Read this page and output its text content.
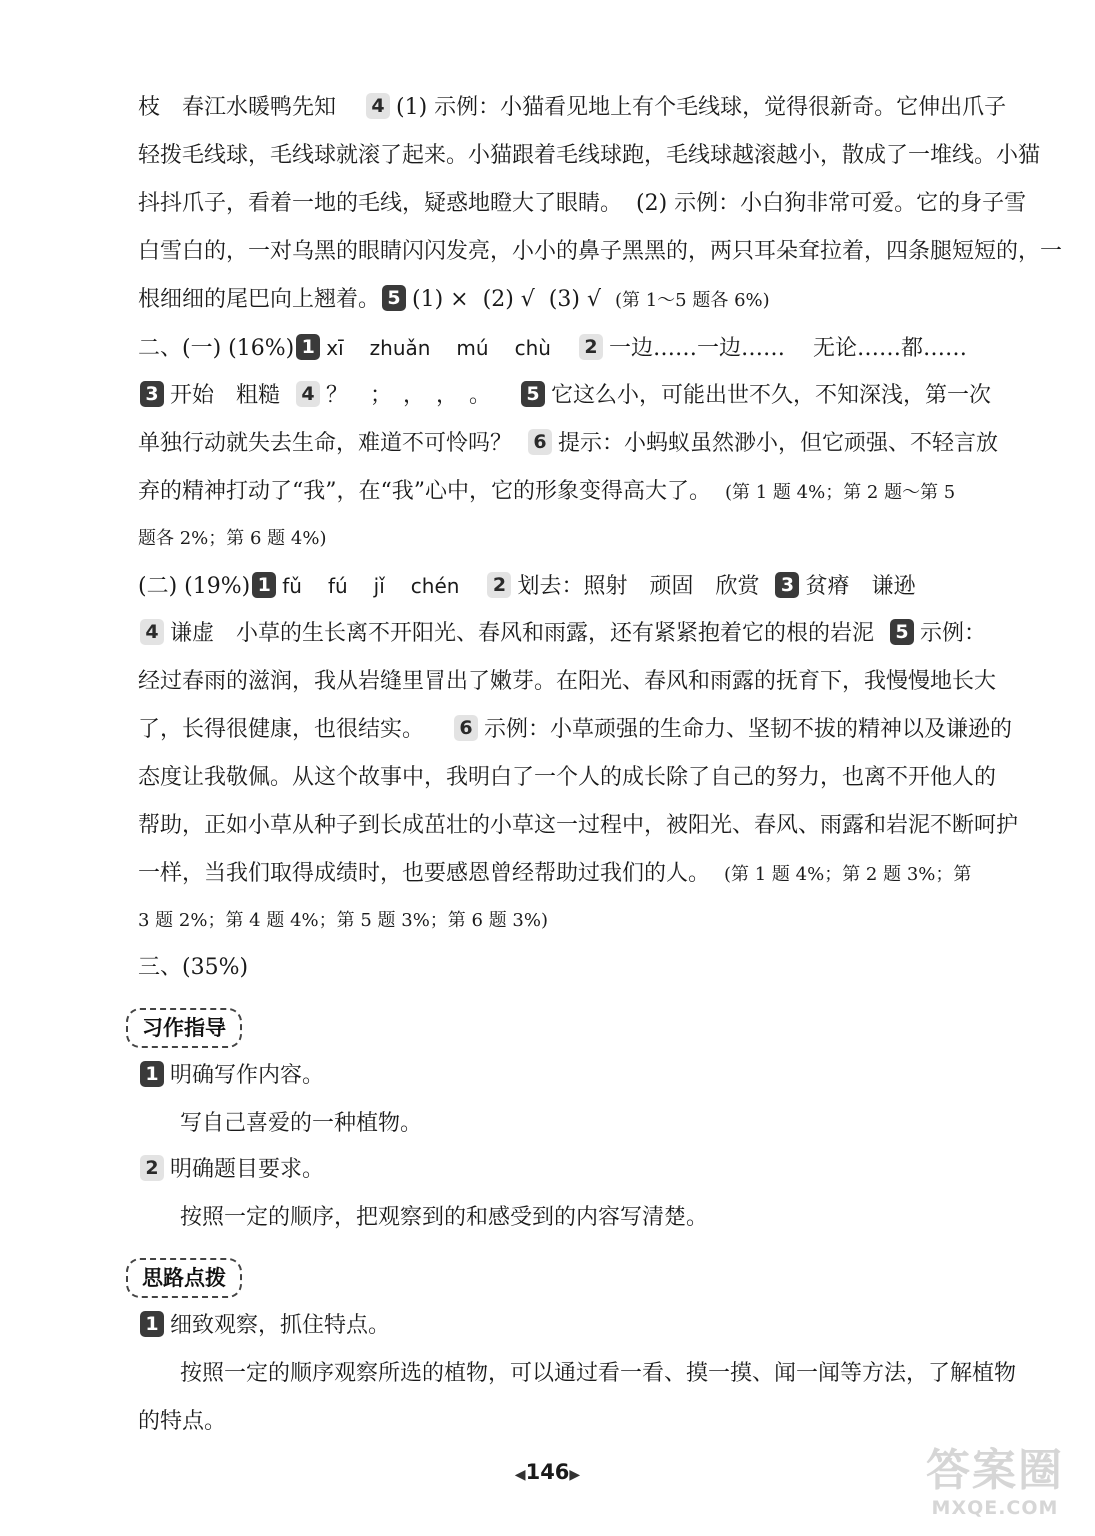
枝　春江水暖鸭先知 4 (1) 示例：小猫看见地上有个毛线球，觉得很新奇。它伸出爪子
轻拨毛线球，毛线球就滚了起来。小猫跟着毛线球跑，毛线球越滚越小，散成了一堆线。小猫
抖抖爪子，看着一地的毛线，疑惑地瞪大了眼睛。 (2) 示例：小白狗非常可爱。它的身子雪
白雪白的，一对乌黑的眼睛闪闪发亮，小小的鼻子黑黑的，两只耳朵耷拉着，四条腿短短的，一
根细细的尾巴向上翘着。 5 (1) × (2) √ (3) √ (第 1～5 题各 6%)
二、(一) (16%) 1 xī zhuǎn mú chù 2 一边……一边…… 无论……都……
3 开始　粗糙 4 ？　；　，　，　。 5 它这么小，可能出世不久，不知深浅，第一次
单独行动就失去生命，难道不可怜吗？ 6 提示：小蚂蚁虽然渺小，但它顽强、不轻言放
弃的精神打动了“我”，在“我”心中，它的形象变得高大了。 (第 1 题 4%；第 2 题～第 5
题各 2%；第 6 题 4%)
(二) (19%) 1 fǔ fú jǐ chén 2 划去：照射　顽固　欣赏 3 贫瘠　谦逊
4 谦虚　小草的生长离不开阳光、春风和雨露，还有紧紧抱着它的根的岩泥 5 示例：
经过春雨的滋润，我从岩缝里冒出了嫩芽。在阳光、春风和雨露的抚育下，我慢慢地长大
了，长得很健康，也很结实。 6 示例：小草顽强的生命力、坚韧不拔的精神以及谦逊的
态度让我敬佩。从这个故事中，我明白了一个人的成长除了自己的努力，也离不开他人的
帮助，正如小草从种子到长成茁壮的小草这一过程中，被阳光、春风、雨露和岩泥不断呵护
一样，当我们取得成绩时，也要感恩曾经帮助过我们的人。 (第 1 题 4%；第 2 题 3%；第
3 题 2%；第 4 题 4%；第 5 题 3%；第 6 题 3%)
三、(35%)
1 明确写作内容。
写自己喜爱的一种植物。
2 明确题目要求。
按照一定的顺序，把观察到的和感受到的内容写清楚。
1 细致观察，抓住特点。
按照一定的顺序观察所选的植物，可以通过看一看、摸一摸、闻一闻等方法，了解植物
的特点。
习作指导
思路点拨
◀146▶	答案圈
MXQE.COM
